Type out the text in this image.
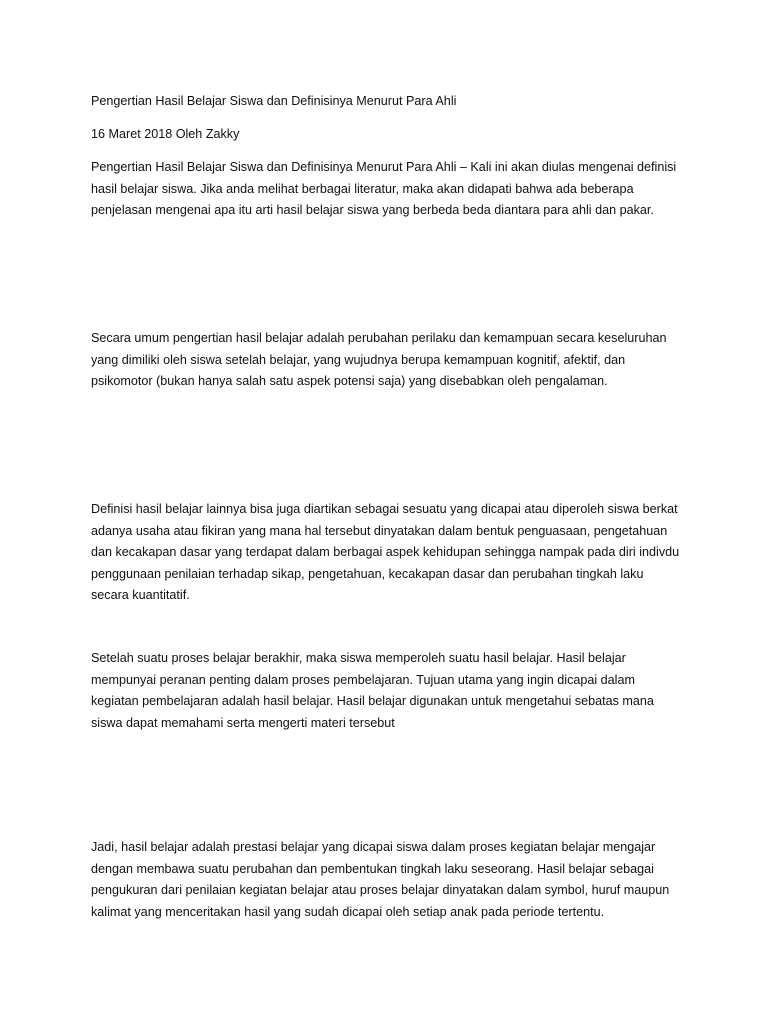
Pengertian Hasil Belajar Siswa dan Definisinya Menurut Para Ahli
16 Maret 2018 Oleh Zakky
Pengertian Hasil Belajar Siswa dan Definisinya Menurut Para Ahli – Kali ini akan diulas mengenai definisi
hasil belajar siswa. Jika anda melihat berbagai literatur, maka akan didapati bahwa ada beberapa
penjelasan mengenai apa itu arti hasil belajar siswa yang berbeda beda diantara para ahli dan pakar.
Secara umum pengertian hasil belajar adalah perubahan perilaku dan kemampuan secara keseluruhan
yang dimiliki oleh siswa setelah belajar, yang wujudnya berupa kemampuan kognitif, afektif, dan
psikomotor (bukan hanya salah satu aspek potensi saja) yang disebabkan oleh pengalaman.
Definisi hasil belajar lainnya bisa juga diartikan sebagai sesuatu yang dicapai atau diperoleh siswa berkat
adanya usaha atau fikiran yang mana hal tersebut dinyatakan dalam bentuk penguasaan, pengetahuan
dan kecakapan dasar yang terdapat dalam berbagai aspek kehidupan sehingga nampak pada diri indivdu
penggunaan penilaian terhadap sikap, pengetahuan, kecakapan dasar dan perubahan tingkah laku
secara kuantitatif.
Setelah suatu proses belajar berakhir, maka siswa memperoleh suatu hasil belajar. Hasil belajar
mempunyai peranan penting dalam proses pembelajaran. Tujuan utama yang ingin dicapai dalam
kegiatan pembelajaran adalah hasil belajar. Hasil belajar digunakan untuk mengetahui sebatas mana
siswa dapat memahami serta mengerti materi tersebut
Jadi, hasil belajar adalah prestasi belajar yang dicapai siswa dalam proses kegiatan belajar mengajar
dengan membawa suatu perubahan dan pembentukan tingkah laku seseorang. Hasil belajar sebagai
pengukuran dari penilaian kegiatan belajar atau proses belajar dinyatakan dalam symbol, huruf maupun
kalimat yang menceritakan hasil yang sudah dicapai oleh setiap anak pada periode tertentu.
